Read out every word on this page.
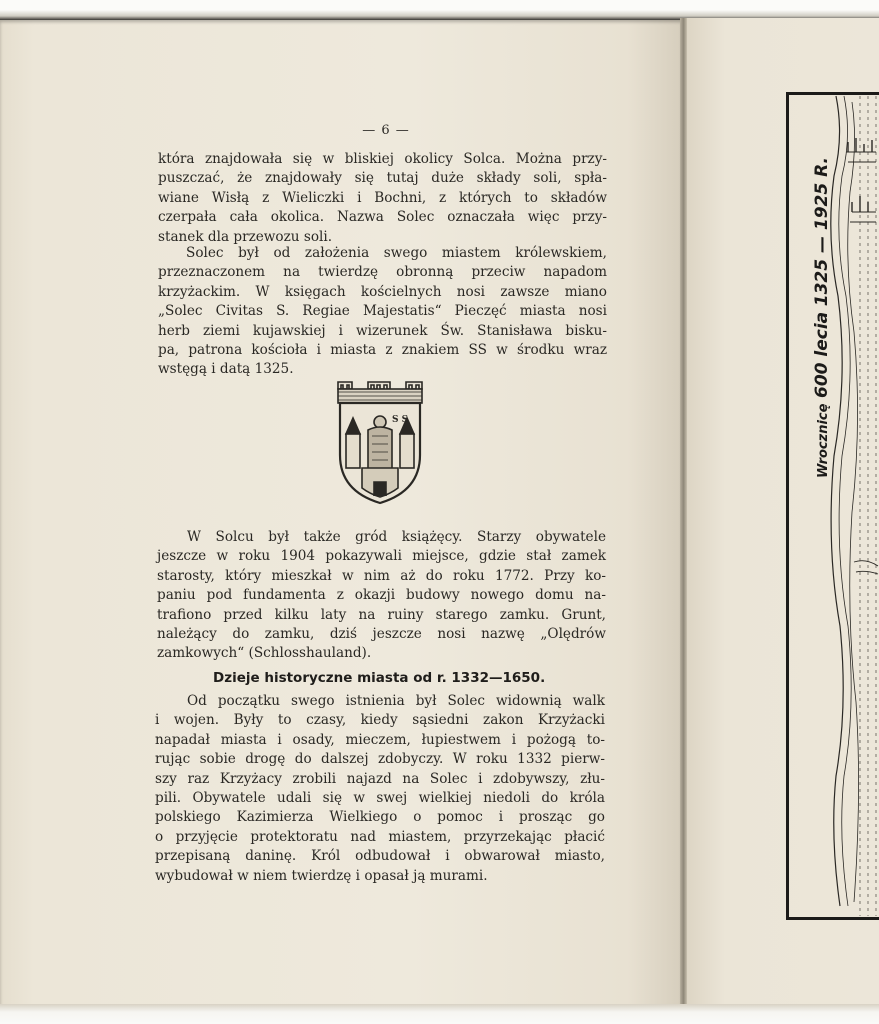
— 6 —

która znajdowała się w bliskiej okolicy Solca. Można przy-
puszczać, że znajdowały się tutaj duże składy soli, spła-
wiane Wisłą z Wieliczki i Bochni, z których to składów
czerpała cała okolica. Nazwa Solec oznaczała więc przy-
stanek dla przewozu soli.

Solec był od założenia swego miastem królewskiem,
przeznaczonem na twierdzę obronną przeciw napadom
krzyżackim. W księgach kościelnych nosi zawsze miano
„Solec Civitas S. Regiae Majestatis“ Pieczęć miasta nosi
herb ziemi kujawskiej i wizerunek Św. Stanisława bisku-
pa, patrona kościoła i miasta z znakiem SS w środku wraz
wstęgą i datą 1325.

S S

W Solcu był także gród książęcy. Starzy obywatele
jeszcze w roku 1904 pokazywali miejsce, gdzie stał zamek
starosty, który mieszkał w nim aż do roku 1772. Przy ko-
paniu pod fundamenta z okazji budowy nowego domu na-
trafiono przed kilku laty na ruiny starego zamku. Grunt,
należący do zamku, dziś jeszcze nosi nazwę „Olędrów
zamkowych“ (Schlosshauland).

Dzieje historyczne miasta od r. 1332—1650.

Od początku swego istnienia był Solec widownią walk
i wojen. Były to czasy, kiedy sąsiedni zakon Krzyżacki
napadał miasta i osady, mieczem, łupiestwem i pożogą to-
rując sobie drogę do dalszej zdobyczy. W roku 1332 pierw-
szy raz Krzyżacy zrobili najazd na Solec i zdobywszy, złu-
pili. Obywatele udali się w swej wielkiej niedoli do króla
polskiego Kazimierza Wielkiego o pomoc i prosząc go
o przyjęcie protektoratu nad miastem, przyrzekając płacić
przepisaną daninę. Król odbudował i obwarował miasto,
wybudował w niem twierdzę i opasał ją murami.

Wrocznicę 600 lecia 1325 — 1925 R.
